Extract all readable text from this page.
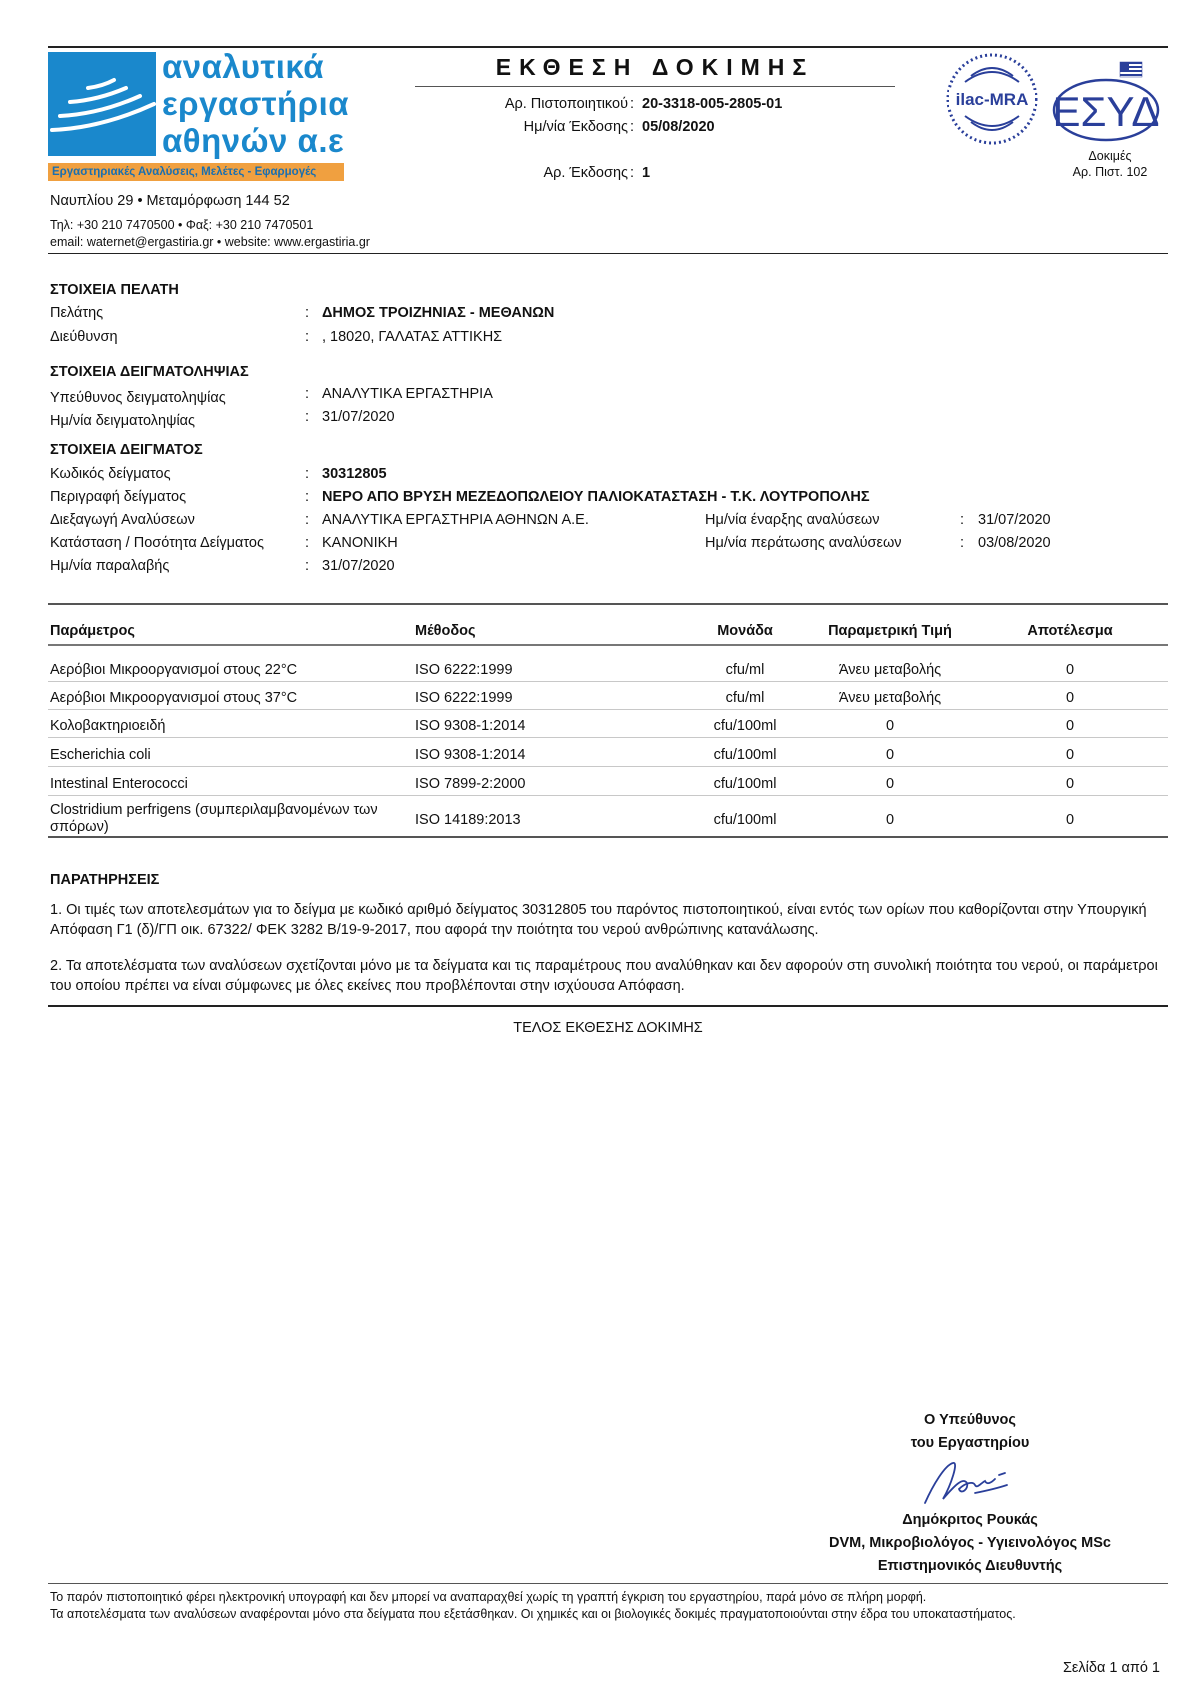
αναλυτικά
εργαστήρια
αθηνών α.ε
Εργαστηριακές Αναλύσεις, Μελέτες - Εφαρμογές
Ναυπλίου 29 • Μεταμόρφωση 144 52
Τηλ: +30 210 7470500 • Φαξ: +30 210 7470501
email: waternet@ergastiria.gr • website: www.ergastiria.gr
ΕΚΘΕΣΗ ΔΟΚΙΜΗΣ
Αρ. Πιστοποιητικού : 20-3318-005-2805-01
Ημ/νία Έκδοσης : 05/08/2020
Αρ. Έκδοσης : 1
ilac-MRA ΕΣΥΔ
Δοκιμές
Αρ. Πιστ. 102
ΣΤΟΙΧΕΙΑ ΠΕΛΑΤΗ
Πελάτης	: ΔΗΜΟΣ ΤΡΟΙΖΗΝΙΑΣ - ΜΕΘΑΝΩΝ
Διεύθυνση	: , 18020, ΓΑΛΑΤΑΣ ΑΤΤΙΚΗΣ
ΣΤΟΙΧΕΙΑ ΔΕΙΓΜΑΤΟΛΗΨΙΑΣ
Υπεύθυνος δειγματοληψίας	: ΑΝΑΛΥΤΙΚΑ ΕΡΓΑΣΤΗΡΙΑ
Ημ/νία δειγματοληψίας	: 31/07/2020
ΣΤΟΙΧΕΙΑ ΔΕΙΓΜΑΤΟΣ
Κωδικός δείγματος	: 30312805
Περιγραφή δείγματος	: ΝΕΡΟ ΑΠΟ ΒΡΥΣΗ ΜΕΖΕΔΟΠΩΛΕΙΟΥ ΠΑΛΙΟΚΑΤΑΣΤΑΣΗ - Τ.Κ. ΛΟΥΤΡΟΠΟΛΗΣ
Διεξαγωγή Αναλύσεων	: ΑΝΑΛΥΤΙΚΑ ΕΡΓΑΣΤΗΡΙΑ ΑΘΗΝΩΝ Α.Ε.	Ημ/νία έναρξης αναλύσεων	: 31/07/2020
Κατάσταση / Ποσότητα Δείγματος	: ΚΑΝΟΝΙΚΗ	Ημ/νία περάτωσης αναλύσεων	: 03/08/2020
Ημ/νία παραλαβής	: 31/07/2020
Παράμετρος	Μέθοδος	Μονάδα	Παραμετρική Τιμή	Αποτέλεσμα
Αερόβιοι Μικροοργανισμοί στους 22°C	ISO 6222:1999	cfu/ml	Άνευ μεταβολής	0
Αερόβιοι Μικροοργανισμοί στους 37°C	ISO 6222:1999	cfu/ml	Άνευ μεταβολής	0
Κολοβακτηριοειδή	ISO 9308-1:2014	cfu/100ml	0	0
Escherichia coli	ISO 9308-1:2014	cfu/100ml	0	0
Intestinal Enterococci	ISO 7899-2:2000	cfu/100ml	0	0
Clostridium perfrigens (συμπεριλαμβανομένων των σπόρων)	ISO 14189:2013	cfu/100ml	0	0
ΠΑΡΑΤΗΡΗΣΕΙΣ
1. Οι τιμές των αποτελεσμάτων για το δείγμα με κωδικό αριθμό δείγματος 30312805 του παρόντος πιστοποιητικού, είναι εντός των ορίων που καθορίζονται στην Υπουργική Απόφαση Γ1 (δ)/ΓΠ οικ. 67322/ ΦΕΚ 3282 Β/19-9-2017, που αφορά την ποιότητα του νερού ανθρώπινης κατανάλωσης.
2. Τα αποτελέσματα των αναλύσεων σχετίζονται μόνο με τα δείγματα και τις παραμέτρους που αναλύθηκαν και δεν αφορούν στη συνολική ποιότητα του νερού, οι παράμετροι του οποίου πρέπει να είναι σύμφωνες με όλες εκείνες που προβλέπονται στην ισχύουσα Απόφαση.
ΤΕΛΟΣ ΕΚΘΕΣΗΣ ΔΟΚΙΜΗΣ
Ο Υπεύθυνος
του Εργαστηρίου
Δημόκριτος Ρουκάς
DVM, Μικροβιολόγος - Υγιεινολόγος MSc
Επιστημονικός Διευθυντής
Το παρόν πιστοποιητικό φέρει ηλεκτρονική υπογραφή και δεν μπορεί να αναπαραχθεί χωρίς τη γραπτή έγκριση του εργαστηρίου, παρά μόνο σε πλήρη μορφή.
Τα αποτελέσματα των αναλύσεων αναφέρονται μόνο στα δείγματα που εξετάσθηκαν. Οι χημικές και οι βιολογικές δοκιμές πραγματοποιούνται στην έδρα του υποκαταστήματος.
Σελίδα 1 από 1
